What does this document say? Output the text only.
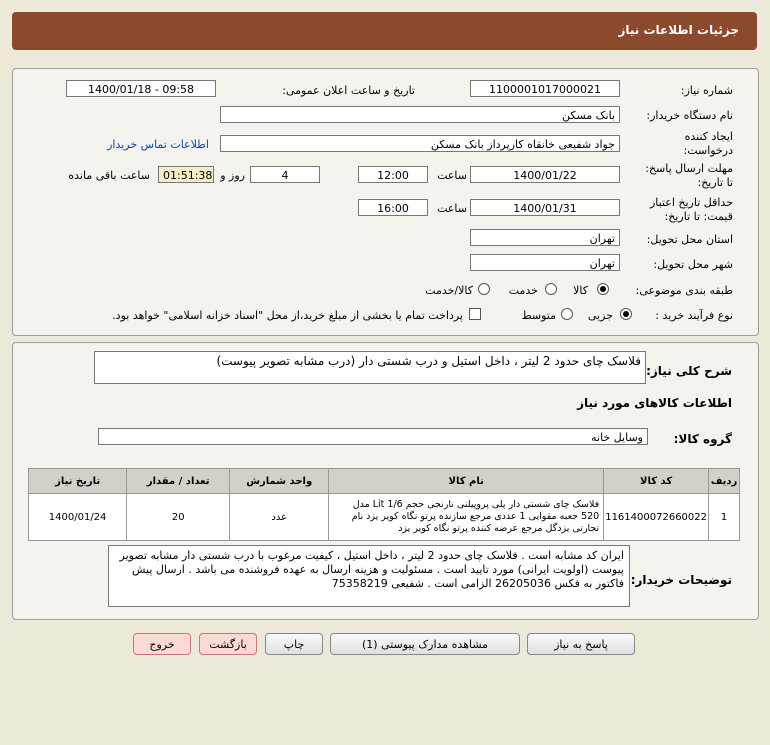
جزئیات اطلاعات نیاز
شماره نیاز:
1100001017000021
تاریخ و ساعت اعلان عمومی:
1400/01/18 - 09:58
نام دستگاه خریدار:
بانک مسکن
ایجاد کننده درخواست:
جواد شفیعی خانقاه کارپرداز بانک مسکن
اطلاعات تماس خریدار
مهلت ارسال پاسخ: تا تاریخ:
1400/01/22
ساعت
12:00
4
روز و
01:51:38
ساعت باقی مانده
حداقل تاریخ اعتبار قیمت: تا تاریخ:
1400/01/31
ساعت
16:00
استان محل تحویل:
تهران
شهر محل تحویل:
تهران
طبقه بندی موضوعی:
کالا
خدمت
کالا/خدمت
نوع فرآیند خرید :
جزیی
متوسط
پرداخت تمام یا بخشی از مبلغ خرید،از محل "اسناد خزانه اسلامی" خواهد بود.
شرح کلی نیاز:
فلاسک چای حدود 2 لیتر ، داخل استیل و درب شستی دار (درب مشابه تصویر پیوست)
اطلاعات کالاهای مورد نیاز
گروه کالا:
وسایل خانه
ردیف	کد کالا	نام کالا	واحد شمارش	تعداد / مقدار	تاریخ نیاز
1	1161400072660022	فلاسک چای شستی دار پلی پروپیلنی نارنجی حجم 1/6 Lit مدل 520 جعبه مقوایی 1 عددی مرجع سازنده پرتو نگاه کویر یزد نام تجارتی یزدگل مرجع عرضه کننده پرتو نگاه کویر یزد	عدد	20	1400/01/24
توضیحات خریدار:
ایران کد مشابه است . فلاسک چای حدود 2 لیتر ، داخل استیل ، کیفیت مرغوب با درب شستی دار مشابه تصویر پیوست (اولویت ایرانی) مورد تایید است . مسئولیت و هزینه ارسال به عهده فروشنده می باشد . ارسال پیش فاکتور به فکس 26205036 الزامی است . شفیعی 75358219
پاسخ به نیاز
مشاهده مدارک پیوستی (1)
چاپ
بازگشت
خروج
